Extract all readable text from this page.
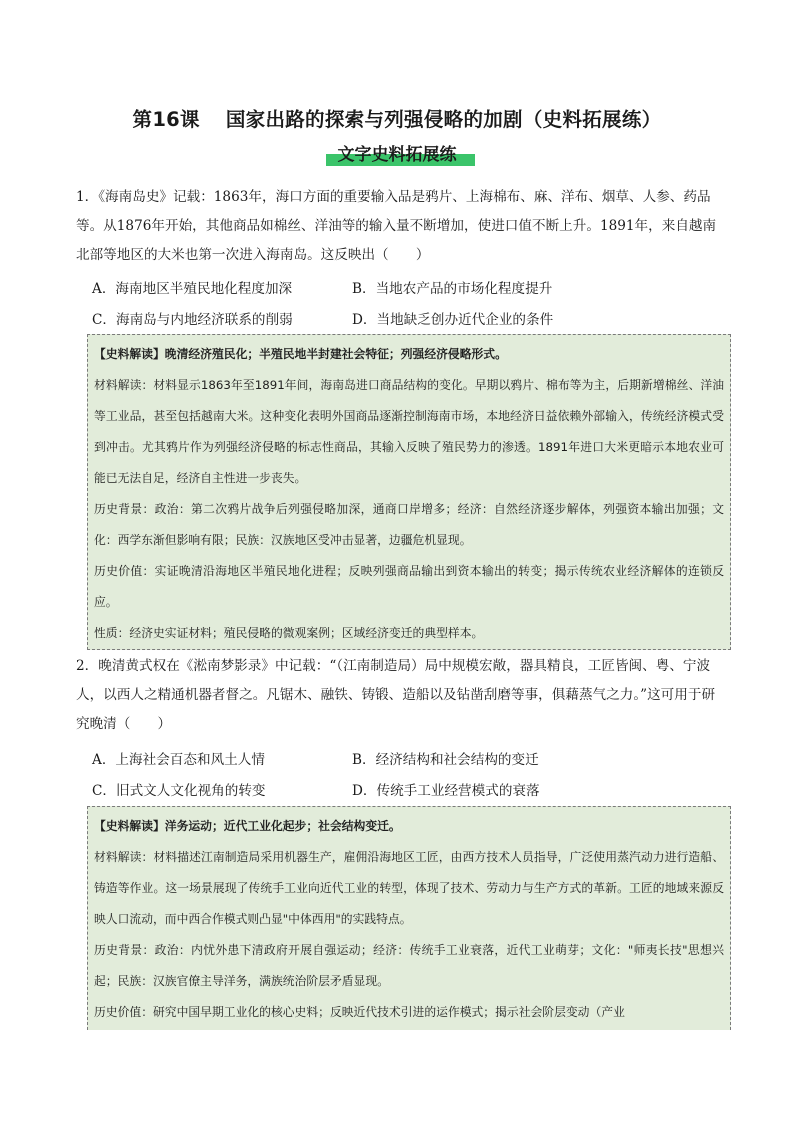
第16课 国家出路的探索与列强侵略的加剧（史料拓展练）
文字史料拓展练

1．《海南岛史》记载：1863年，海口方面的重要输入品是鸦片、上海棉布、麻、洋布、烟草、人参、药品等。从1876年开始，其他商品如棉丝、洋油等的输入量不断增加，使进口值不断上升。1891年，来自越南北部等地区的大米也第一次进入海南岛。这反映出（　　）

A．海南地区半殖民地化程度加深	B．当地农产品的市场化程度提升
C．海南岛与内地经济联系的削弱	D．当地缺乏创办近代企业的条件

【史料解读】晚清经济殖民化；半殖民地半封建社会特征；列强经济侵略形式。

材料解读：材料显示1863年至1891年间，海南岛进口商品结构的变化。早期以鸦片、棉布等为主，后期新增棉丝、洋油等工业品，甚至包括越南大米。这种变化表明外国商品逐渐控制海南市场，本地经济日益依赖外部输入，传统经济模式受到冲击。尤其鸦片作为列强经济侵略的标志性商品，其输入反映了殖民势力的渗透。1891年进口大米更暗示本地农业可能已无法自足，经济自主性进一步丧失。

历史背景：政治：第二次鸦片战争后列强侵略加深，通商口岸增多；经济：自然经济逐步解体，列强资本输出加强；文化：西学东渐但影响有限；民族：汉族地区受冲击显著，边疆危机显现。

历史价值：实证晚清沿海地区半殖民地化进程；反映列强商品输出到资本输出的转变；揭示传统农业经济解体的连锁反应。

性质：经济史实证材料；殖民侵略的微观案例；区域经济变迁的典型样本。

2．晚清黄式权在《淞南梦影录》中记载：“（江南制造局）局中规模宏敞，器具精良，工匠皆闽、粤、宁波人，以西人之精通机器者督之。凡锯木、融铁、铸锻、造船以及钻凿刮磨等事，俱藉蒸气之力。”这可用于研究晚清（　　）

A．上海社会百态和风土人情	B．经济结构和社会结构的变迁
C．旧式文人文化视角的转变	D．传统手工业经营模式的衰落

【史料解读】洋务运动；近代工业化起步；社会结构变迁。

材料解读：材料描述江南制造局采用机器生产，雇佣沿海地区工匠，由西方技术人员指导，广泛使用蒸汽动力进行造船、铸造等作业。这一场景展现了传统手工业向近代工业的转型，体现了技术、劳动力与生产方式的革新。工匠的地域来源反映人口流动，而中西合作模式则凸显"中体西用"的实践特点。

历史背景：政治：内忧外患下清政府开展自强运动；经济：传统手工业衰落，近代工业萌芽；文化："师夷长技"思想兴起；民族：汉族官僚主导洋务，满族统治阶层矛盾显现。

历史价值：研究中国早期工业化的核心史料；反映近代技术引进的运作模式；揭示社会阶层变动（产业
